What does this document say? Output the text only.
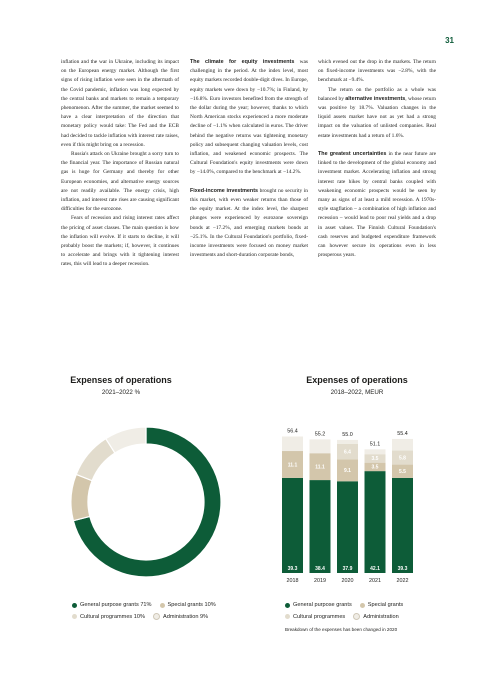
31

inflation and the war in Ukraine, including its impact on the European energy market. Although the first signs of rising inflation were seen in the aftermath of the Covid pandemic, inflation was long expected by the central banks and markets to remain a temporary phenomenon. After the summer, the market seemed to have a clear interpretation of the direction that monetary policy would take: The Fed and the ECB had decided to tackle inflation with interest rate raises, even if this might bring on a recession.

Russia's attack on Ukraine brought a sorry turn to the financial year. The importance of Russian natural gas is huge for Germany and thereby for other European economies, and alternative energy sources are not readily available. The energy crisis, high inflation, and interest rate rises are causing significant difficulties for the eurozone.

Fears of recession and rising interest rates affect the pricing of asset classes. The main question is how the inflation will evolve. If it starts to decline, it will probably boost the markets; if, however, it continues to accelerate and brings with it tightening interest rates, this will lead to a deeper recession.

The climate for equity investments was challenging in the period. At the index level, most equity markets recorded double-digit dives. In Europe, equity markets were down by −10.7%; in Finland, by −16.8%. Euro investors benefited from the strength of the dollar during the year; however, thanks to which North American stocks experienced a more moderate decline of −1.1% when calculated in euros. The driver behind the negative returns was tightening monetary policy and subsequent changing valuation levels, cost inflation, and weakened economic prospects. The Cultural Foundation's equity investments were down by −14.0%, compared to the benchmark at −14.2%.

Fixed-income investments brought no security in this market, with even weaker returns than those of the equity market. At the index level, the sharpest plunges were experienced by eurozone sovereign bonds at −17.2%, and emerging markets bonds at −25.1%. In the Cultural Foundation's portfolio, fixed-income investments were focused on money market investments and short-duration corporate bonds,

which evened out the drop in the markets. The return on fixed-income investments was −2.8%, with the benchmark at −9.4%.

The return on the portfolio as a whole was balanced by alternative investments, whose return was positive by 18.7%. Valuation changes in the liquid assets market have not as yet had a strong impact on the valuation of unlisted companies. Real estate investments had a return of 1.6%.

The greatest uncertainties in the near future are linked to the development of the global economy and investment market. Accelerating inflation and strong interest rate hikes by central banks coupled with weakening economic prospects would be seen by many as signs of at least a mild recession. A 1970s-style stagflation – a combination of high inflation and recession – would lead to poor real yields and a drop in asset values. The Finnish Cultural Foundation's cash reserves and budgeted expenditure framework can however secure its operations even in less prosperous years.

Expenses of operations
2021–2022 %
General purpose grants 71%	Special grants 10%
Cultural programmes 10%	Administration 9%
Expenses of operations
2018–2022, MEUR
39.3
11.1
56.4
2018
38.4
11.1
55.2
2019
37.9
9.1
6.4
55.0
2020
42.1
3.5
3.5
51.1
2021
39.3
5.5
5.8
55.4
2022
General purpose grants	Special grants
Cultural programmes	Administration
Breakdown of the expenses has been changed in 2020
